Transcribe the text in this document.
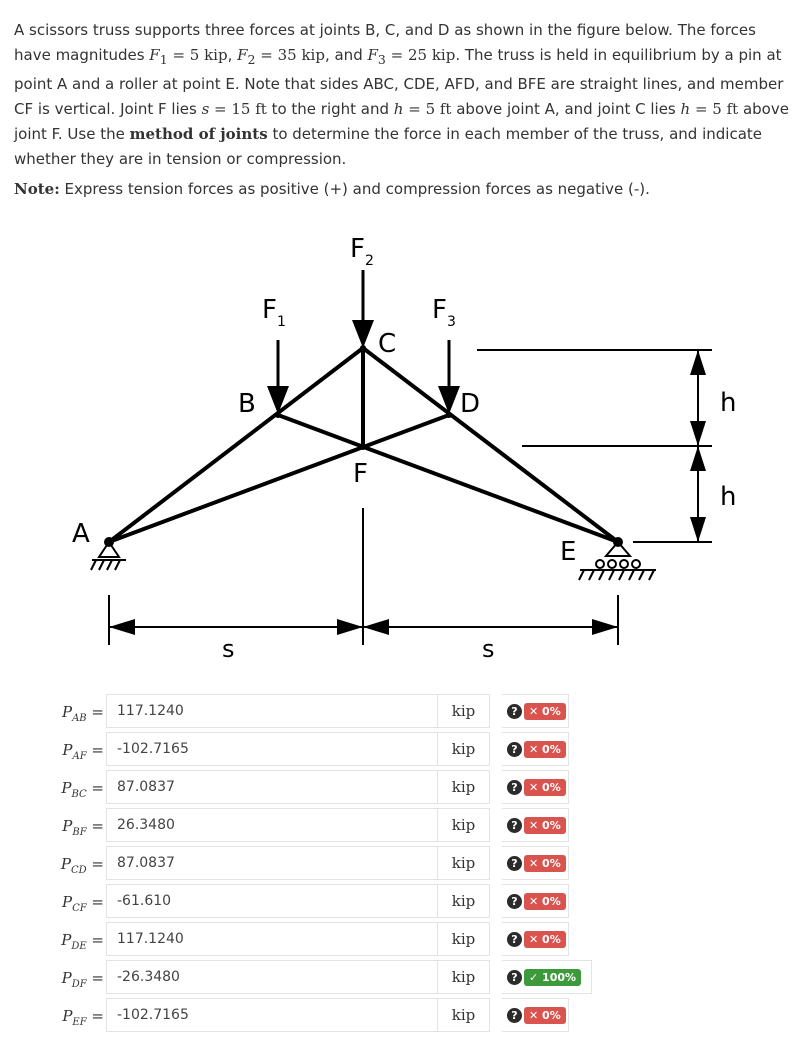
A scissors truss supports three forces at joints B, C, and D as shown in the figure below. The forces have magnitudes $F_1 = 5$ kip, $F_2 = 35$ kip, and $F_3 = 25$ kip. The truss is held in equilibrium by a pin at point A and a roller at point E. Note that sides ABC, CDE, AFD, and BFE are straight lines, and member CF is vertical. Joint F lies s = 15 ft to the right and h = 5 ft above joint A, and joint C lies h = 5 ft above joint F. Use the method of joints to determine the force in each member of the truss, and indicate whether they are in tension or compression.

Note: Express tension forces as positive (+) and compression forces as negative (-).
$F_2$
$F_1$	$F_3$
C
B	D
F
A
E
s	s
h
h
$P_{AB} = 117.1240$	kip	?	✕ 0%
$P_{AF} = -102.7165$	kip	?	✕ 0%
$P_{BC} = 87.0837$	kip	?	✕ 0%
$P_{BF} = 26.3480$	kip	?	✕ 0%
$P_{CD} = 87.0837$	kip	?	✕ 0%
$P_{CF} = -61.610$	kip	?	✕ 0%
$P_{DE} = 117.1240$	kip	?	✕ 0%
$P_{DF} = -26.3480$	kip	?	✓ 100%
$P_{EF} = -102.7165$	kip	?	✕ 0%
